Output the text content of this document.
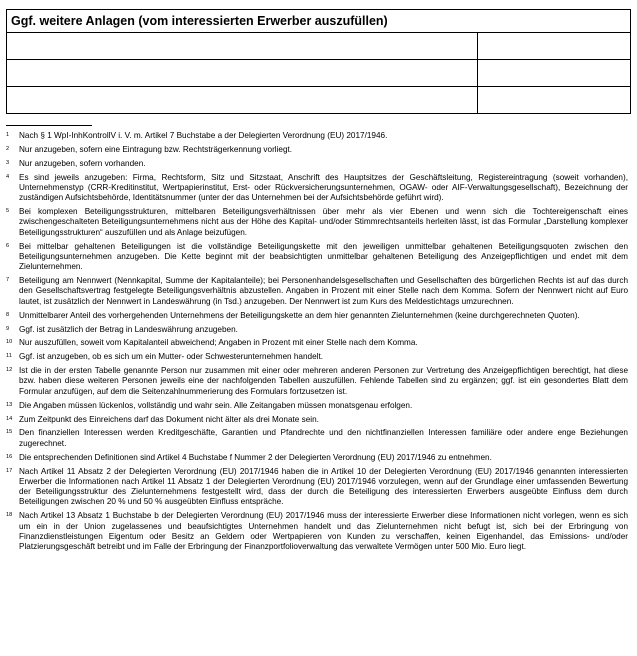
Ggf. weitere Anlagen (vom interessierten Erwerber auszufüllen)	

1	Nach § 1 WpI-InhKontrollV i. V. m. Artikel 7 Buchstabe a der Delegierten Verordnung (EU) 2017/1946.
2	Nur anzugeben, sofern eine Eintragung bzw. Rechtsträgerkennung vorliegt.
3	Nur anzugeben, sofern vorhanden.
4	Es sind jeweils anzugeben: Firma, Rechtsform, Sitz und Sitzstaat, Anschrift des Hauptsitzes der Geschäftsleitung, Registereintragung (soweit vorhanden), Unternehmenstyp (CRR-Kreditinstitut, Wertpapierinstitut, Erst- oder Rückversicherungsunternehmen, OGAW- oder AIF-Verwaltungsgesellschaft), Bezeichnung der zuständigen Aufsichtsbehörde, Identitätsnummer (unter der das Unternehmen bei der Aufsichtsbehörde geführt wird).
5	Bei komplexen Beteiligungsstrukturen, mittelbaren Beteiligungsverhältnissen über mehr als vier Ebenen und wenn sich die Tochtereigenschaft eines zwischengeschalteten Beteiligungsunternehmens nicht aus der Höhe des Kapital- und/oder Stimmrechtsanteils herleiten lässt, ist das Formular „Darstellung komplexer Beteiligungsstrukturen“ auszufüllen und als Anlage beizufügen.
6	Bei mittelbar gehaltenen Beteiligungen ist die vollständige Beteiligungskette mit den jeweiligen unmittelbar gehaltenen Beteiligungsquoten zwischen den Beteiligungsunternehmen anzugeben. Die Kette beginnt mit der beabsichtigten unmittelbar gehaltenen Beteiligung des Anzeigepflichtigen und endet mit dem Zielunternehmen.
7	Beteiligung am Nennwert (Nennkapital, Summe der Kapitalanteile); bei Personenhandelsgesellschaften und Gesellschaften des bürgerlichen Rechts ist auf das durch den Gesellschaftsvertrag festgelegte Beteiligungsverhältnis abzustellen. Angaben in Prozent mit einer Stelle nach dem Komma. Sofern der Nennwert nicht auf Euro lautet, ist zusätzlich der Nennwert in Landeswährung (in Tsd.) anzugeben. Der Nennwert ist zum Kurs des Meldestichtags umzurechnen.
8	Unmittelbarer Anteil des vorhergehenden Unternehmens der Beteiligungskette an dem hier genannten Zielunternehmen (keine durchgerechneten Quoten).
9	Ggf. ist zusätzlich der Betrag in Landeswährung anzugeben.
10 Nur auszufüllen, soweit vom Kapitalanteil abweichend; Angaben in Prozent mit einer Stelle nach dem Komma.
11 Ggf. ist anzugeben, ob es sich um ein Mutter- oder Schwesterunternehmen handelt.
12 Ist die in der ersten Tabelle genannte Person nur zusammen mit einer oder mehreren anderen Personen zur Vertretung des Anzeigepflichtigen berechtigt, hat diese bzw. haben diese weiteren Personen jeweils eine der nachfolgenden Tabellen auszufüllen. Fehlende Tabellen sind zu ergänzen; ggf. ist ein gesondertes Blatt dem Formular anzufügen, auf dem die Seitenzahlnummerierung des Formulars fortzusetzen ist.
13 Die Angaben müssen lückenlos, vollständig und wahr sein. Alle Zeitangaben müssen monatsgenau erfolgen.
14 Zum Zeitpunkt des Einreichens darf das Dokument nicht älter als drei Monate sein.
15 Den finanziellen Interessen werden Kreditgeschäfte, Garantien und Pfandrechte und den nichtfinanziellen Interessen familiäre oder andere enge Beziehungen zugerechnet.
16 Die entsprechenden Definitionen sind Artikel 4 Buchstabe f Nummer 2 der Delegierten Verordnung (EU) 2017/1946 zu entnehmen.
17 Nach Artikel 11 Absatz 2 der Delegierten Verordnung (EU) 2017/1946 haben die in Artikel 10 der Delegierten Verordnung (EU) 2017/1946 genannten interessierten Erwerber die Informationen nach Artikel 11 Absatz 1 der Delegierten Verordnung (EU) 2017/1946 vorzulegen, wenn auf der Grundlage einer umfassenden Bewertung der Beteiligungsstruktur des Zielunternehmens festgestellt wird, dass der durch die Beteiligung des interessierten Erwerbers ausgeübte Einfluss dem durch Beteiligungen zwischen 20 % und 50 % ausgeübten Einfluss entspräche.
18 Nach Artikel 13 Absatz 1 Buchstabe b der Delegierten Verordnung (EU) 2017/1946 muss der interessierte Erwerber diese Informationen nicht vorlegen, wenn es sich um ein in der Union zugelassenes und beaufsichtigtes Unternehmen handelt und das Zielunternehmen nicht befugt ist, sich bei der Erbringung von Finanzdienstleistungen Eigentum oder Besitz an Geldern oder Wertpapieren von Kunden zu verschaffen, keinen Eigenhandel, das Emissions- und/oder Platzierungsgeschäft betreibt und im Falle der Erbringung der Finanzportfolioverwaltung das verwaltete Vermögen unter 500 Mio. Euro liegt.
